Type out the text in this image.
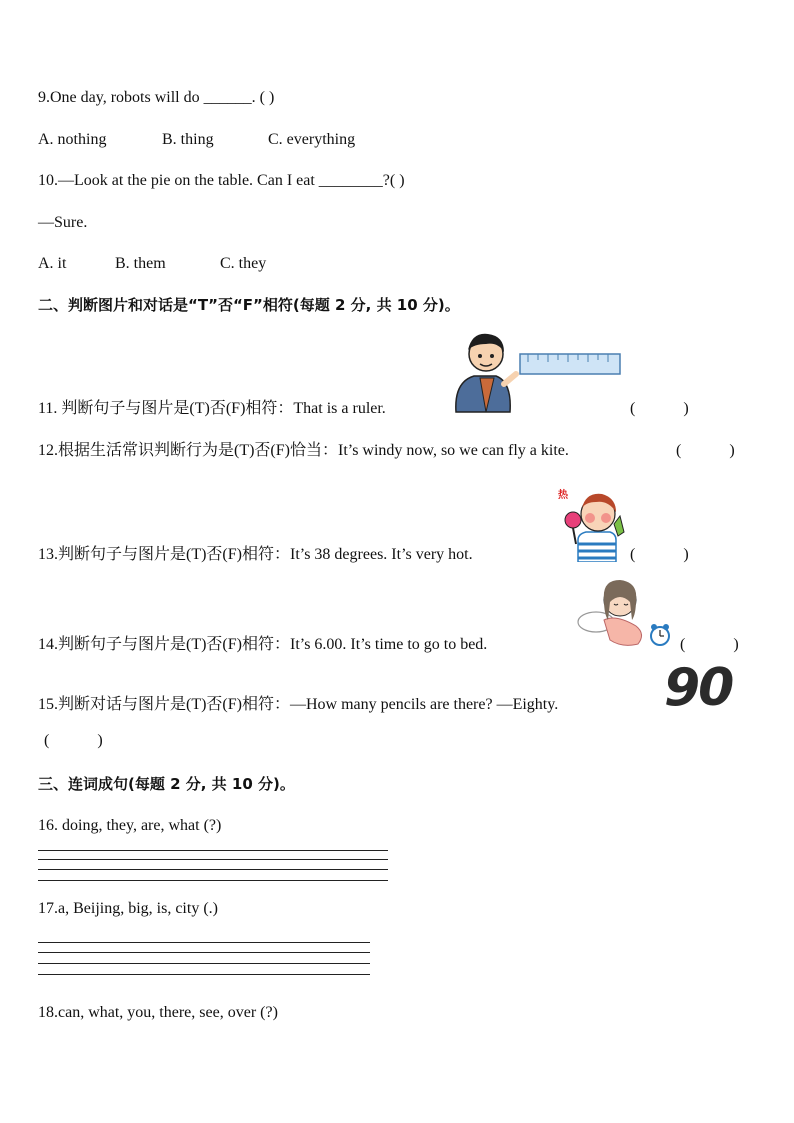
9.One day, robots will do ______. ( )
A. nothing	B. thing	C. everything
10.—Look at the pie on the table. Can I eat ________?( )
—Sure.
A. it	B. them	C. they
二、判断图片和对话是“T”否“F”相符(每题 2 分, 共 10 分)。
11. 判断句子与图片是(T)否(F)相符：That is a ruler.	(            )
12.根据生活常识判断行为是(T)否(F)恰当：It’s windy now, so we can fly a kite.	(            )
热
13.判断句子与图片是(T)否(F)相符：It’s 38 degrees. It’s very hot.	(            )
14.判断句子与图片是(T)否(F)相符：It’s 6.00. It’s time to go to bed.	(            )
90
15.判断对话与图片是(T)否(F)相符：—How many pencils are there? —Eighty.
(            )
三、连词成句(每题 2 分, 共 10 分)。
16. doing, they, are, what (?)
17.a, Beijing, big, is, city (.)
18.can, what, you, there, see, over (?)
